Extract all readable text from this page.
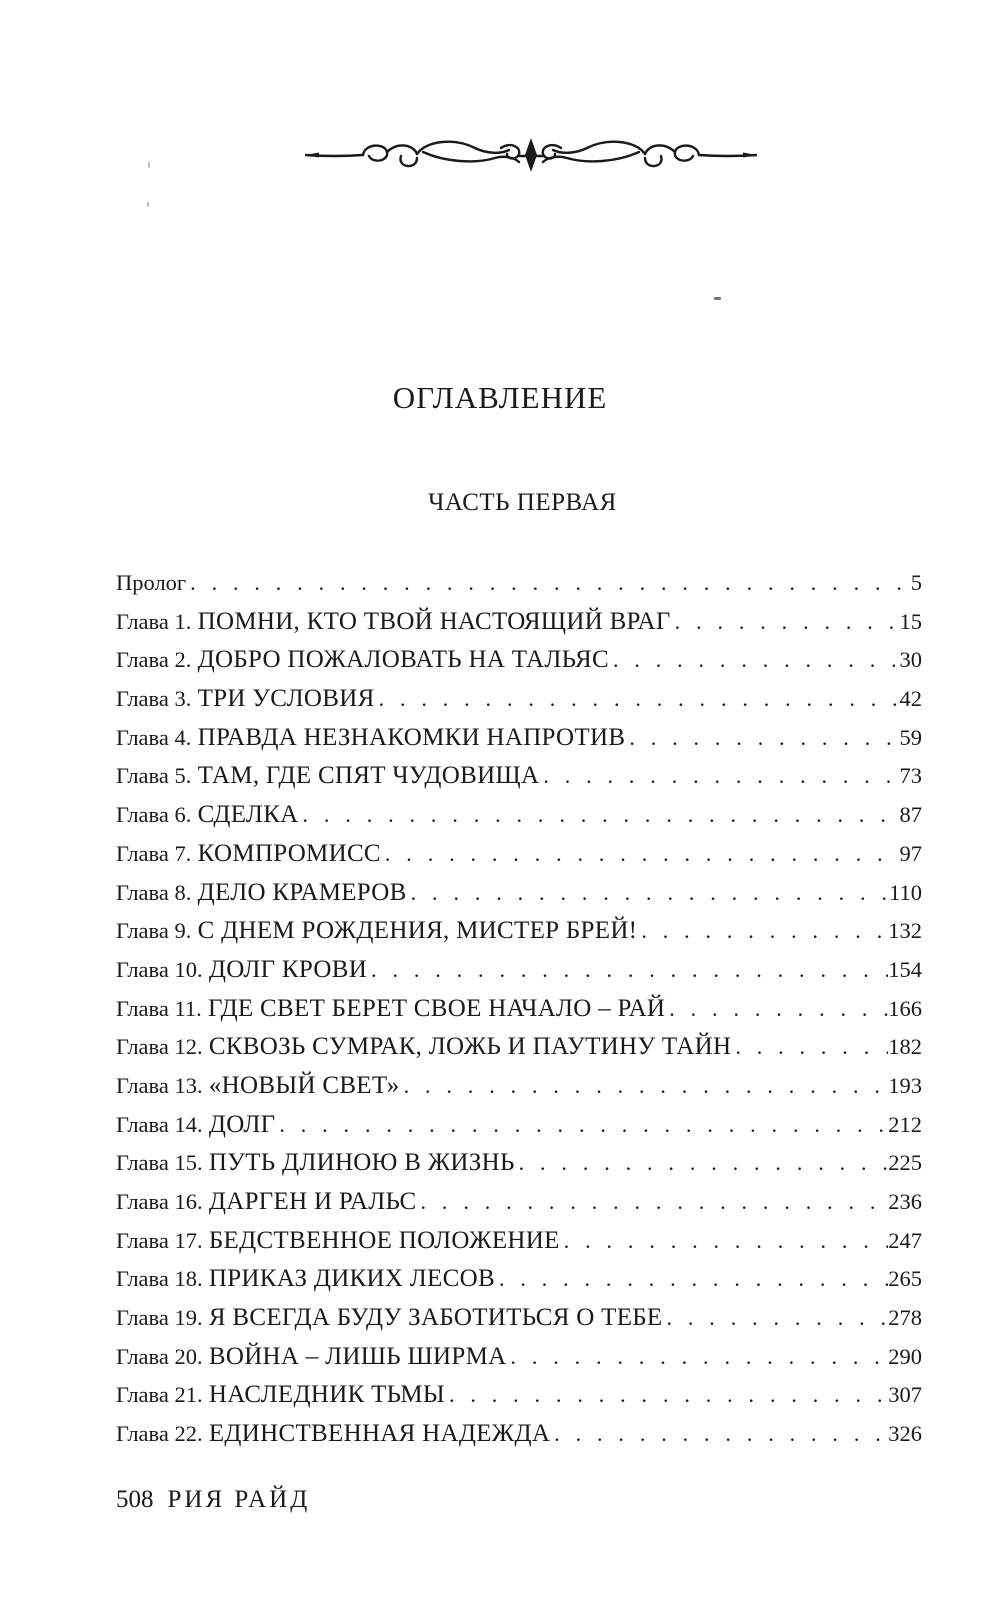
ОГЛАВЛЕНИЕ
ЧАСТЬ ПЕРВАЯ
Пролог . . .	5
Глава 1. ПОМНИ, КТО ТВОЙ НАСТОЯЩИЙ ВРАГ . . .	15
Глава 2. ДОБРО ПОЖАЛОВАТЬ НА ТАЛЬЯС . . .	30
Глава 3. ТРИ УСЛОВИЯ . . .	42
Глава 4. ПРАВДА НЕЗНАКОМКИ НАПРОТИВ . . .	59
Глава 5. ТАМ, ГДЕ СПЯТ ЧУДОВИЩА . . .	73
Глава 6. СДЕЛКА . . .	87
Глава 7. КОМПРОМИСС . . .	97
Глава 8. ДЕЛО КРАМЕРОВ . . .	110
Глава 9. С ДНЕМ РОЖДЕНИЯ, МИСТЕР БРЕЙ! . . .	132
Глава 10. ДОЛГ КРОВИ . . .	154
Глава 11. ГДЕ СВЕТ БЕРЕТ СВОЕ НАЧАЛО – РАЙ . . .	166
Глава 12. СКВОЗЬ СУМРАК, ЛОЖЬ И ПАУТИНУ ТАЙН . . .	182
Глава 13. «НОВЫЙ СВЕТ» . . .	193
Глава 14. ДОЛГ . . .	212
Глава 15. ПУТЬ ДЛИНОЮ В ЖИЗНЬ . . .	225
Глава 16. ДАРГЕН И РАЛЬС . . .	236
Глава 17. БЕДСТВЕННОЕ ПОЛОЖЕНИЕ . . .	247
Глава 18. ПРИКАЗ ДИКИХ ЛЕСОВ . . .	265
Глава 19. Я ВСЕГДА БУДУ ЗАБОТИТЬСЯ О ТЕБЕ . . .	278
Глава 20. ВОЙНА – ЛИШЬ ШИРМА . . .	290
Глава 21. НАСЛЕДНИК ТЬМЫ . . .	307
Глава 22. ЕДИНСТВЕННАЯ НАДЕЖДА . . .	326
508 РИЯ РАЙД
